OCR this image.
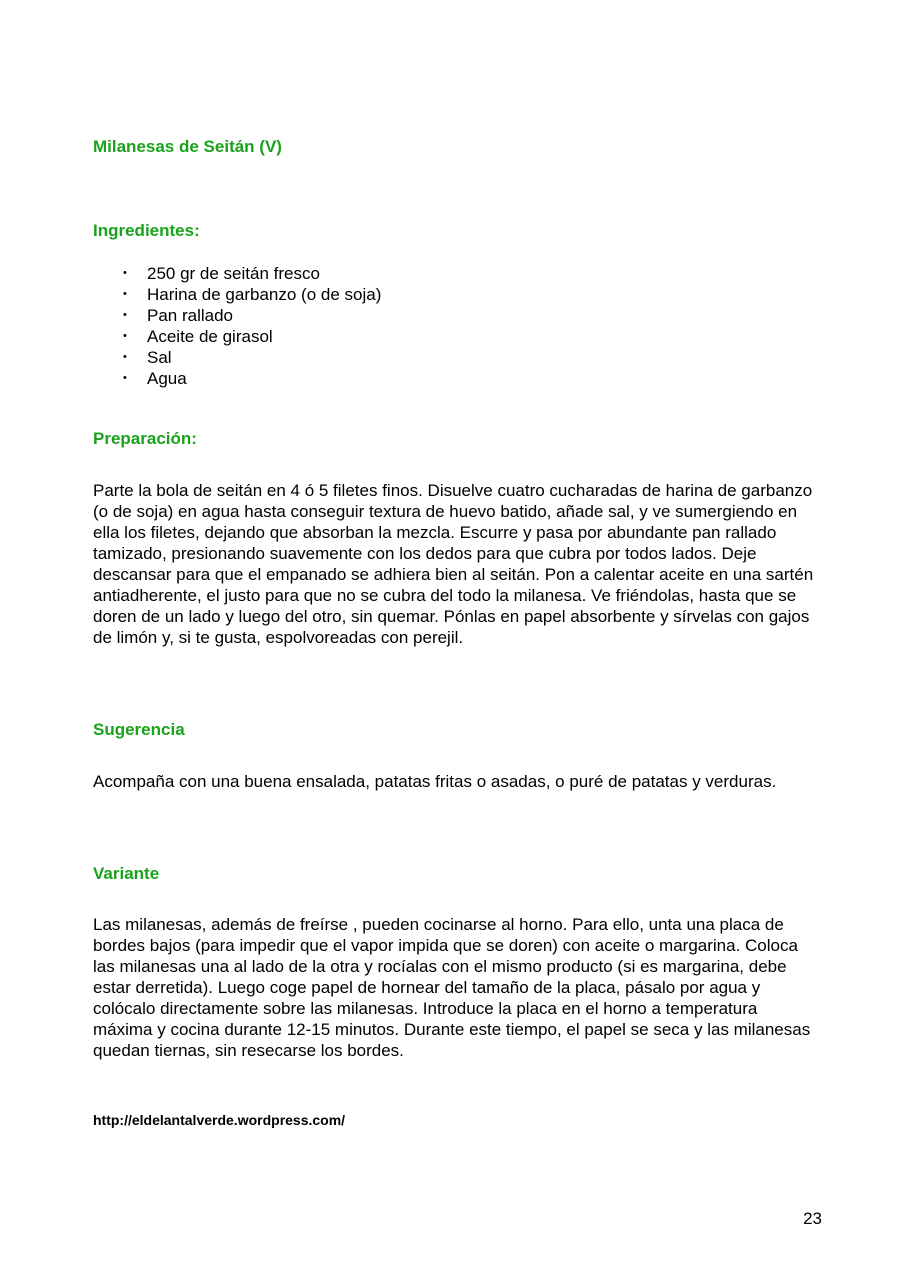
Milanesas de Seitán (V)
Ingredientes:
• 250 gr de seitán fresco
• Harina de garbanzo (o de soja)
• Pan rallado
• Aceite de girasol
• Sal
• Agua
Preparación:

Parte la bola de seitán en 4 ó 5 filetes finos. Disuelve cuatro cucharadas de harina de garbanzo (o de soja) en agua hasta conseguir textura de huevo batido, añade sal, y ve sumergiendo en ella los filetes, dejando que absorban la mezcla. Escurre y pasa por abundante pan rallado tamizado, presionando suavemente con los dedos para que cubra por todos lados. Deje descansar para que el empanado se adhiera bien al seitán. Pon a calentar aceite en una sartén antiadherente, el justo para que no se cubra del todo la milanesa. Ve friéndolas, hasta que se doren de un lado y luego del otro, sin quemar. Pónlas en papel absorbente y sírvelas con gajos de limón y, si te gusta, espolvoreadas con perejil.

Sugerencia

Acompaña con una buena ensalada, patatas fritas o asadas, o puré de patatas y verduras.

Variante

Las milanesas, además de freírse , pueden cocinarse al horno. Para ello, unta una placa de bordes bajos (para impedir que el vapor impida que se doren) con aceite o margarina. Coloca las milanesas una al lado de la otra y rocíalas con el mismo producto (si es margarina, debe estar derretida). Luego coge papel de hornear del tamaño de la placa, pásalo por agua y colócalo directamente sobre las milanesas. Introduce la placa en el horno a temperatura máxima y cocina durante 12-15 minutos. Durante este tiempo, el papel se seca y las milanesas quedan tiernas, sin resecarse los bordes.

http://eldelantalverde.wordpress.com/
23
